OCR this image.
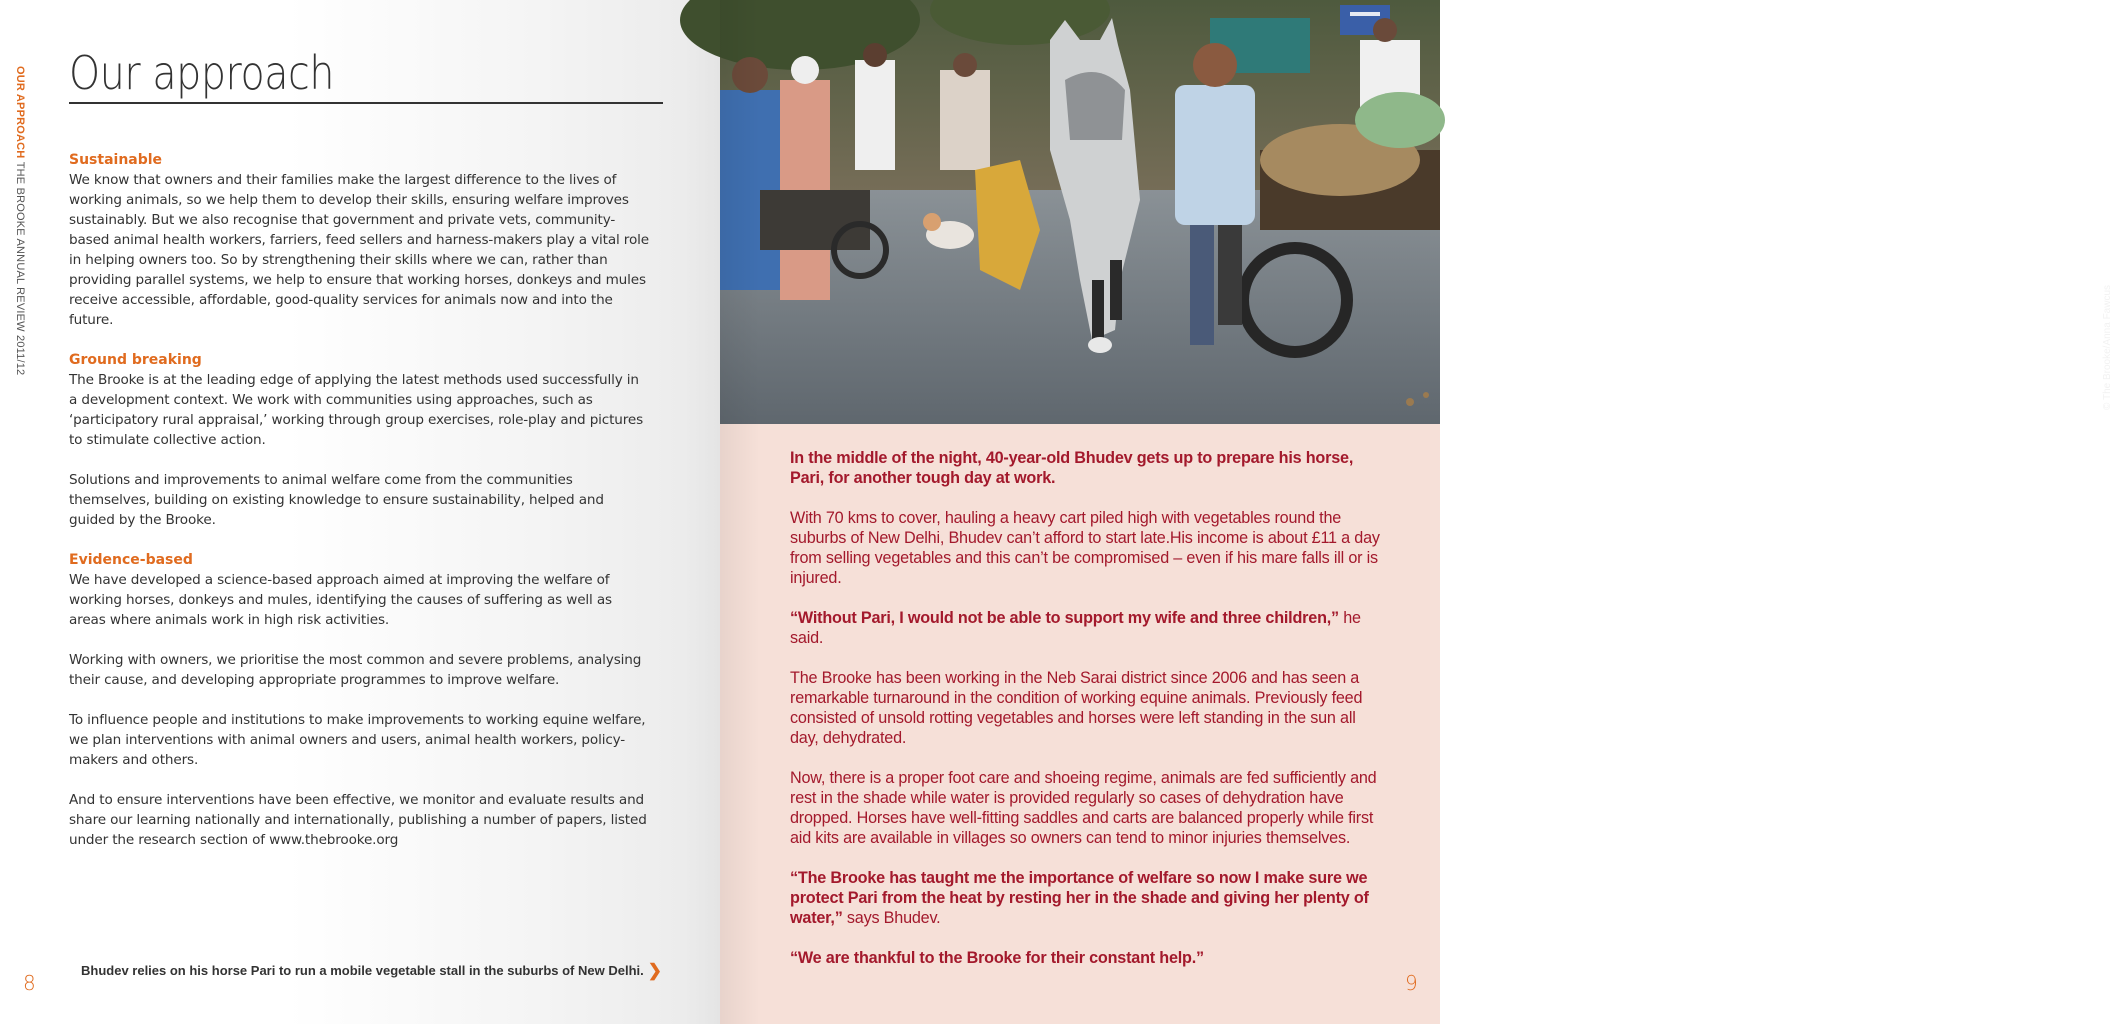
OUR APPROACH THE BROOKE ANNUAL REVIEW 2011/12
Our approach
Sustainable

We know that owners and their families make the largest difference to the lives of working animals, so we help them to develop their skills, ensuring welfare improves sustainably. But we also recognise that government and private vets, community-based animal health workers, farriers, feed sellers and harness-makers play a vital role in helping owners too. So by strengthening their skills where we can, rather than providing parallel systems, we help to ensure that working horses, donkeys and mules receive accessible, affordable, good-quality services for animals now and into the future.

Ground breaking

The Brooke is at the leading edge of applying the latest methods used successfully in a development context. We work with communities using approaches, such as ‘participatory rural appraisal,’ working through group exercises, role-play and pictures to stimulate collective action.

Solutions and improvements to animal welfare come from the communities themselves, building on existing knowledge to ensure sustainability, helped and guided by the Brooke.

Evidence-based

We have developed a science-based approach aimed at improving the welfare of working horses, donkeys and mules, identifying the causes of suffering as well as areas where animals work in high risk activities.

Working with owners, we prioritise the most common and severe problems, analysing their cause, and developing appropriate programmes to improve welfare.

To influence people and institutions to make improvements to working equine welfare, we plan interventions with animal owners and users, animal health workers, policy-makers and others.

And to ensure interventions have been effective, we monitor and evaluate results and share our learning nationally and internationally, publishing a number of papers, listed under the research section of www.thebrooke.org

Bhudev relies on his horse Pari to run a mobile vegetable stall in the suburbs of New Delhi. ❯
8
© The Brooke/Anna Fawcus

In the middle of the night, 40-year-old Bhudev gets up to prepare his horse, Pari, for another tough day at work.

With 70 kms to cover, hauling a heavy cart piled high with vegetables round the suburbs of New Delhi, Bhudev can’t afford to start late.His income is about £11 a day from selling vegetables and this can’t be compromised – even if his mare falls ill or is injured.

“Without Pari, I would not be able to support my wife and three children,” he said.

The Brooke has been working in the Neb Sarai district since 2006 and has seen a remarkable turnaround in the condition of working equine animals. Previously feed consisted of unsold rotting vegetables and horses were left standing in the sun all day, dehydrated.

Now, there is a proper foot care and shoeing regime, animals are fed sufficiently and rest in the shade while water is provided regularly so cases of dehydration have dropped. Horses have well-fitting saddles and carts are balanced properly while first aid kits are available in villages so owners can tend to minor injuries themselves.

“The Brooke has taught me the importance of welfare so now I make sure we protect Pari from the heat by resting her in the shade and giving her plenty of water,” says Bhudev.

“We are thankful to the Brooke for their constant help.”

9
